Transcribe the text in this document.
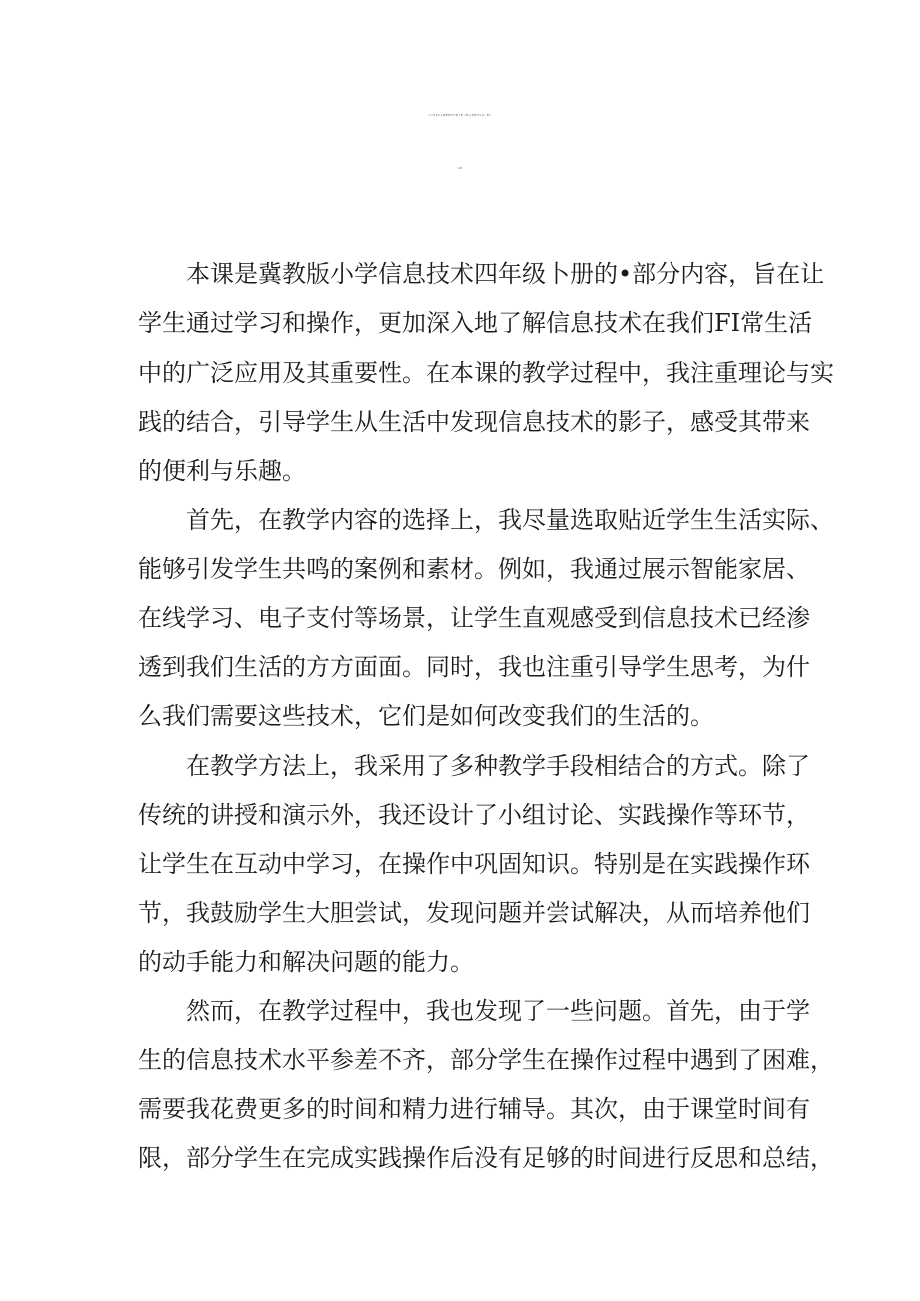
小学信息技术冀教版四年级下册《第22课我们生活》教学
反思
本课是冀教版小学信息技术四年级卜册的•部分内容，旨在让
学生通过学习和操作，更加深入地了解信息技术在我们FI常生活
中的广泛应用及其重要性。在本课的教学过程中，我注重理论与实
践的结合，引导学生从生活中发现信息技术的影子，感受其带来
的便利与乐趣。
首先，在教学内容的选择上，我尽量选取贴近学生生活实际、
能够引发学生共鸣的案例和素材。例如，我通过展示智能家居、
在线学习、电子支付等场景，让学生直观感受到信息技术已经渗
透到我们生活的方方面面。同时，我也注重引导学生思考，为什
么我们需要这些技术，它们是如何改变我们的生活的。
在教学方法上，我采用了多种教学手段相结合的方式。除了
传统的讲授和演示外，我还设计了小组讨论、实践操作等环节，
让学生在互动中学习，在操作中巩固知识。特别是在实践操作环
节，我鼓励学生大胆尝试，发现问题并尝试解决，从而培养他们
的动手能力和解决问题的能力。
然而，在教学过程中，我也发现了一些问题。首先，由于学
生的信息技术水平参差不齐，部分学生在操作过程中遇到了困难，
需要我花费更多的时间和精力进行辅导。其次，由于课堂时间有
限，部分学生在完成实践操作后没有足够的时间进行反思和总结，
